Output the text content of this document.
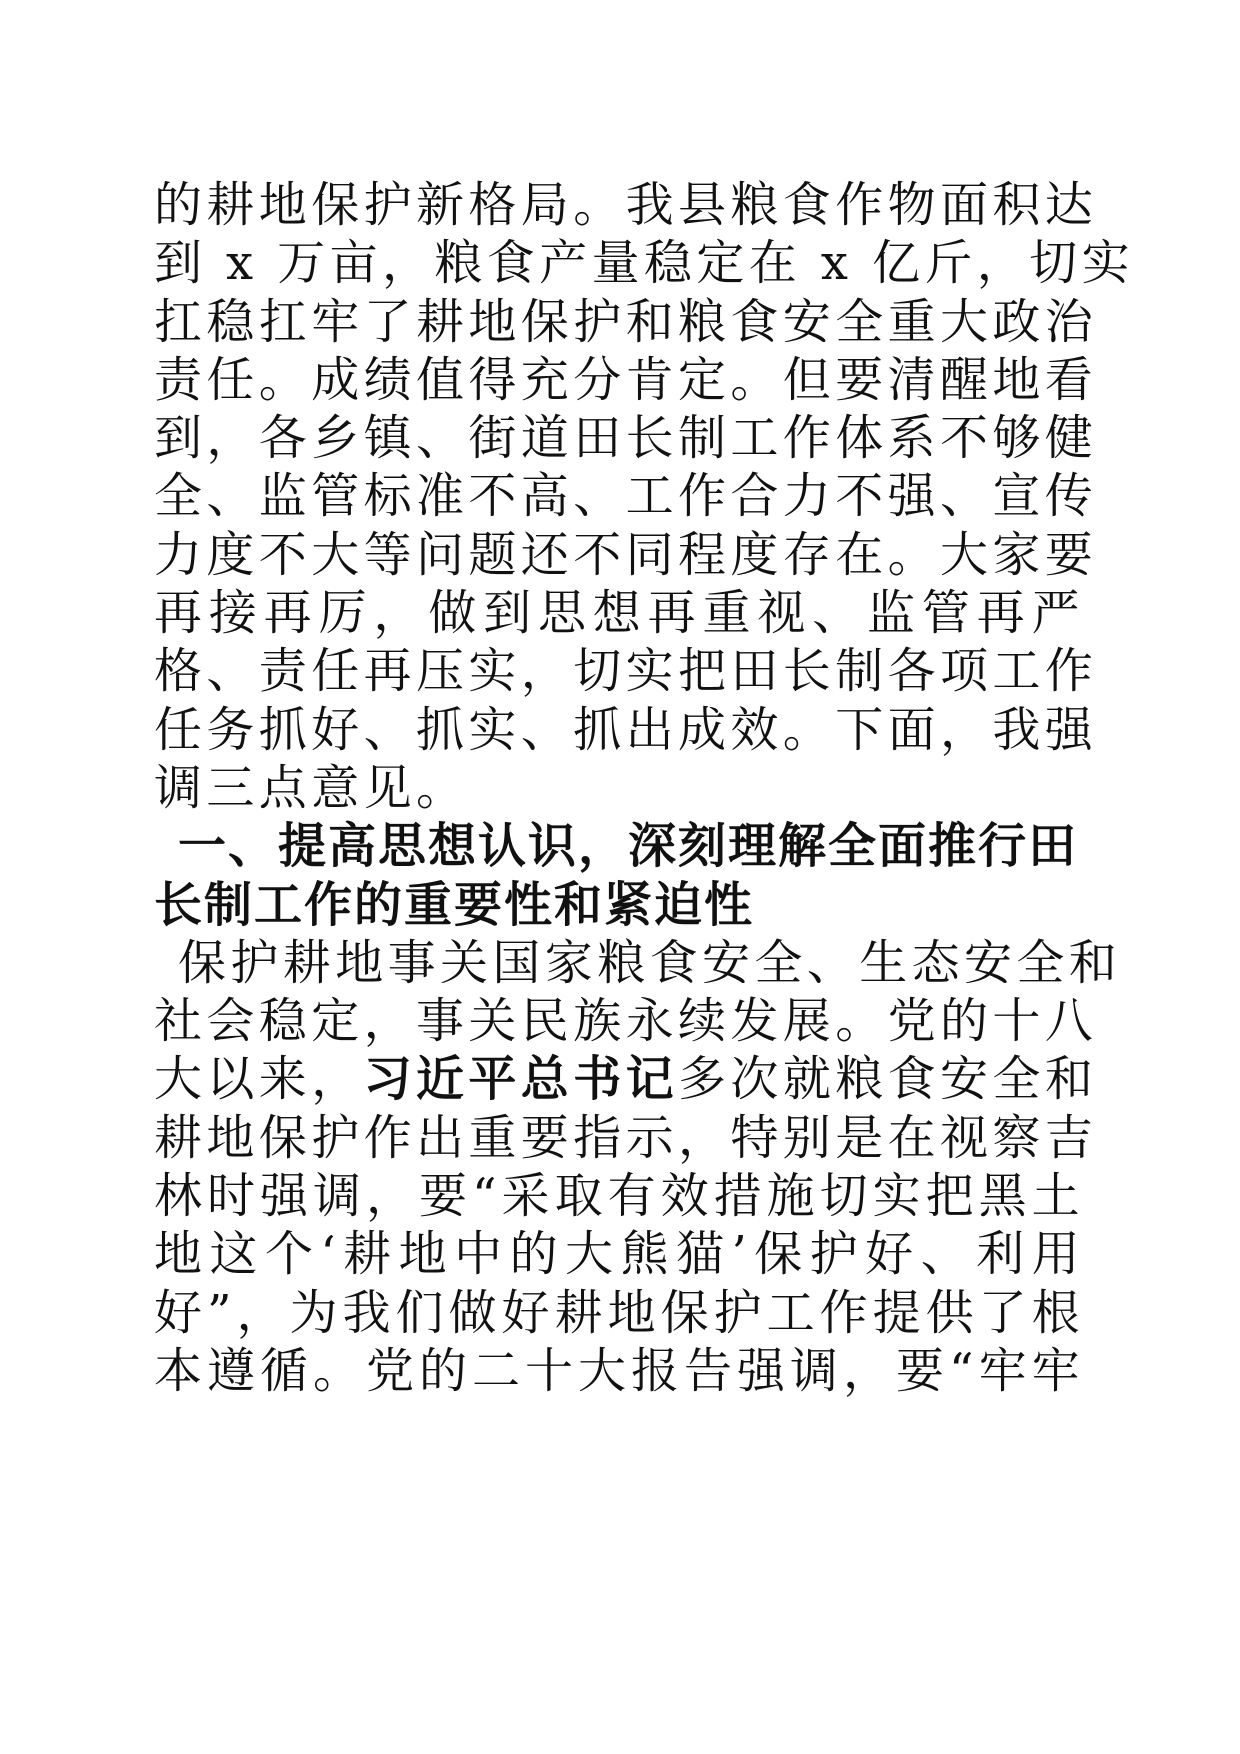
的耕地保护新格局。我县粮食作物面积达
到 x 万亩，粮食产量稳定在 x 亿斤，切实
扛稳扛牢了耕地保护和粮食安全重大政治
责任。成绩值得充分肯定。但要清醒地看
到，各乡镇、街道田长制工作体系不够健
全、监管标准不高、工作合力不强、宣传
力度不大等问题还不同程度存在。大家要
再接再厉，做到思想再重视、监管再严
格、责任再压实，切实把田长制各项工作
任务抓好、抓实、抓出成效。下面，我强
调三点意见。
一、提高思想认识，深刻理解全面推行田
长制工作的重要性和紧迫性
保护耕地事关国家粮食安全、生态安全和
社会稳定，事关民族永续发展。党的十八
大以来，习近平总书记多次就粮食安全和
耕地保护作出重要指示，特别是在视察吉
林时强调，要“采取有效措施切实把黑土
地这个‘耕地中的大熊猫’保护好、利用
好”，为我们做好耕地保护工作提供了根
本遵循。党的二十大报告强调，要“牢牢
